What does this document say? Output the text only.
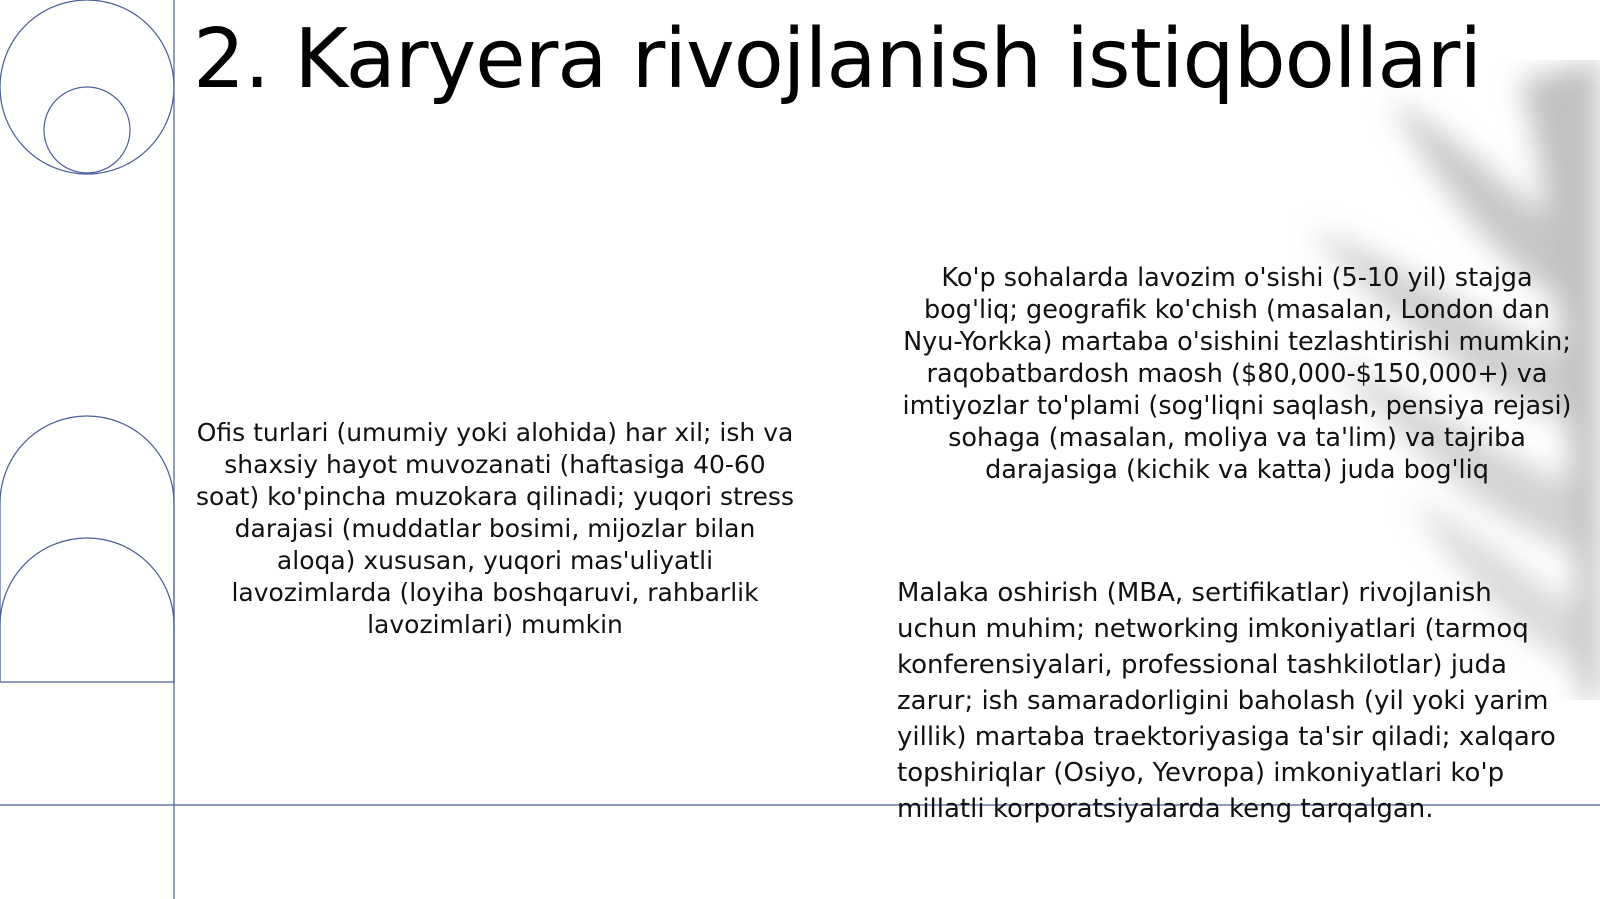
2. Karyera rivojlanish istiqbollari

Ofis turlari (umumiy yoki alohida) har xil; ish va shaxsiy hayot muvozanati (haftasiga 40-60 soat) ko'pincha muzokara qilinadi; yuqori stress darajasi (muddatlar bosimi, mijozlar bilan aloqa) xususan, yuqori mas'uliyatli lavozimlarda (loyiha boshqaruvi, rahbarlik lavozimlari) mumkin

Ko'p sohalarda lavozim o'sishi (5-10 yil) stajga bog'liq; geografik ko'chish (masalan, London dan Nyu-Yorkka) martaba o'sishini tezlashtirishi mumkin; raqobatbardosh maosh ($80,000-$150,000+) va imtiyozlar to'plami (sog'liqni saqlash, pensiya rejasi) sohaga (masalan, moliya va ta'lim) va tajriba darajasiga (kichik va katta) juda bog'liq

Malaka oshirish (MBA, sertifikatlar) rivojlanish uchun muhim; networking imkoniyatlari (tarmoq konferensiyalari, professional tashkilotlar) juda zarur; ish samaradorligini baholash (yil yoki yarim yillik) martaba traektoriyasiga ta'sir qiladi; xalqaro topshiriqlar (Osiyo, Yevropa) imkoniyatlari ko'p millatli korporatsiyalarda keng tarqalgan.
